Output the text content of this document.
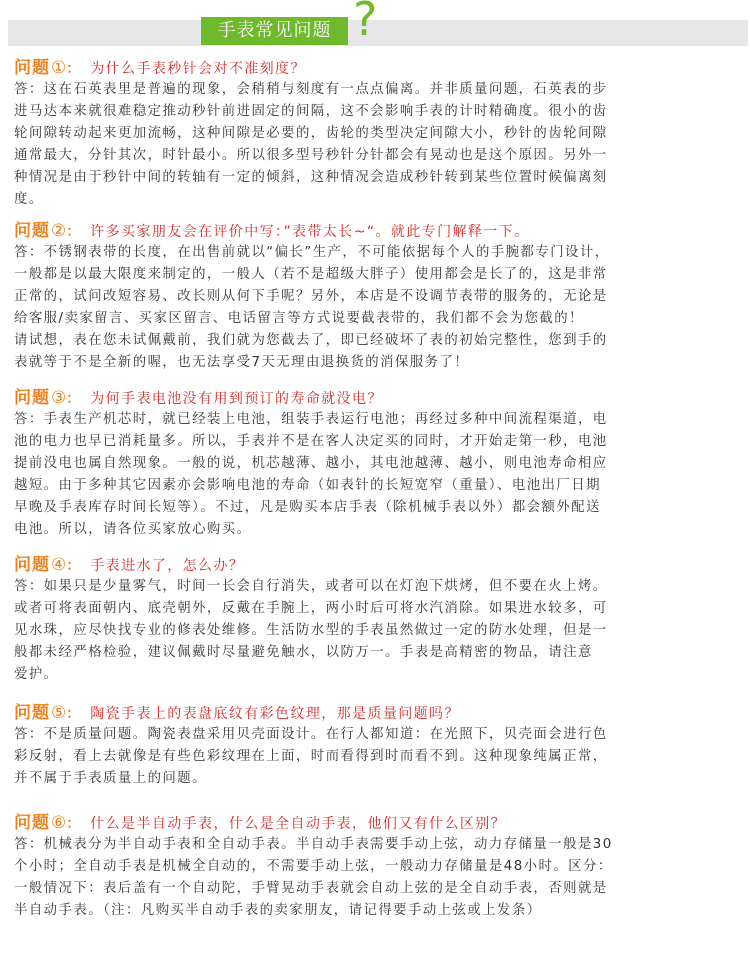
手表常见问题 ?
问题①： 为什么手表秒针会对不准刻度？
答：这在石英表里是普遍的现象，会稍稍与刻度有一点点偏离。并非质量问题，石英表的步
进马达本来就很难稳定推动秒针前进固定的间隔，这不会影响手表的计时精确度。很小的齿
轮间隙转动起来更加流畅，这种间隙是必要的，齿轮的类型决定间隙大小，秒针的齿轮间隙
通常最大，分针其次，时针最小。所以很多型号秒针分针都会有晃动也是这个原因。另外一
种情况是由于秒针中间的转轴有一定的倾斜，这种情况会造成秒针转到某些位置时候偏离刻
度。
问题②： 许多买家朋友会在评价中写：”表带太长~“。就此专门解释一下。
答：不锈钢表带的长度，在出售前就以“偏长”生产，不可能依据每个人的手腕都专门设计，
一般都是以最大限度来制定的，一般人（若不是超级大胖子）使用都会是长了的，这是非常
正常的，试问改短容易、改长则从何下手呢？另外，本店是不设调节表带的服务的，无论是
给客服/卖家留言、买家区留言、电话留言等方式说要截表带的，我们都不会为您截的！
请试想，表在您未试佩戴前，我们就为您截去了，即已经破坏了表的初始完整性，您到手的
表就等于不是全新的喔，也无法享受7天无理由退换货的消保服务了！
问题③： 为何手表电池没有用到预订的寿命就没电？
答：手表生产机芯时，就已经装上电池，组装手表运行电池；再经过多种中间流程渠道，电
池的电力也早已消耗量多。所以，手表并不是在客人决定买的同时，才开始走第一秒，电池
提前没电也属自然现象。一般的说，机芯越薄、越小，其电池越薄、越小，则电池寿命相应
越短。由于多种其它因素亦会影响电池的寿命（如表针的长短宽窄（重量）、电池出厂日期
早晚及手表库存时间长短等）。不过，凡是购买本店手表（除机械手表以外）都会额外配送
电池。所以，请各位买家放心购买。
问题④： 手表进水了，怎么办？
答：如果只是少量雾气，时间一长会自行消失，或者可以在灯泡下烘烤，但不要在火上烤。
或者可将表面朝内、底壳朝外，反戴在手腕上，两小时后可将水汽消除。如果进水较多，可
见水珠，应尽快找专业的修表处维修。生活防水型的手表虽然做过一定的防水处理，但是一
般都未经严格检验，建议佩戴时尽量避免触水，以防万一。手表是高精密的物品，请注意
爱护。
问题⑤： 陶瓷手表上的表盘底纹有彩色纹理，那是质量问题吗？
答：不是质量问题。陶瓷表盘采用贝壳面设计。在行人都知道：在光照下，贝壳面会进行色
彩反射，看上去就像是有些色彩纹理在上面，时而看得到时而看不到。这种现象纯属正常，
并不属于手表质量上的问题。
问题⑥： 什么是半自动手表，什么是全自动手表，他们又有什么区别？
答：机械表分为半自动手表和全自动手表。半自动手表需要手动上弦，动力存储量一般是30
个小时；全自动手表是机械全自动的，不需要手动上弦，一般动力存储量是48小时。区分：
一般情况下：表后盖有一个自动陀，手臂晃动手表就会自动上弦的是全自动手表，否则就是
半自动手表。（注：凡购买半自动手表的卖家朋友，请记得要手动上弦或上发条）
